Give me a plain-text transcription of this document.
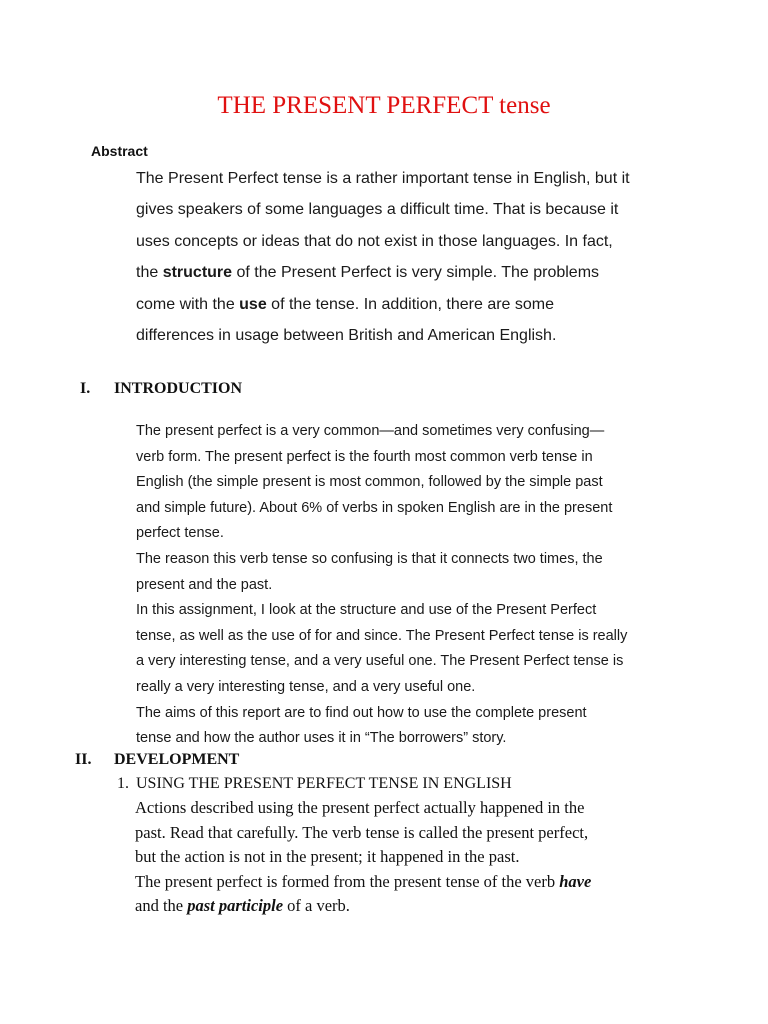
THE PRESENT PERFECT tense
Abstract
The Present Perfect tense is a rather important tense in English, but it
gives speakers of some languages a difficult time. That is because it
uses concepts or ideas that do not exist in those languages. In fact,
the structure of the Present Perfect is very simple. The problems
come with the use of the tense. In addition, there are some
differences in usage between British and American English.
I. INTRODUCTION
The present perfect is a very common—and sometimes very confusing—
verb form. The present perfect is the fourth most common verb tense in
English (the simple present is most common, followed by the simple past
and simple future). About 6% of verbs in spoken English are in the present
perfect tense.
The reason this verb tense so confusing is that it connects two times, the
present and the past.
In this assignment, I look at the structure and use of the Present Perfect
tense, as well as the use of for and since. The Present Perfect tense is really
a very interesting tense, and a very useful one. The Present Perfect tense is
really a very interesting tense, and a very useful one.
The aims of this report are to find out how to use the complete present
tense and how the author uses it in “The borrowers” story.
II. DEVELOPMENT
1. USING THE PRESENT PERFECT TENSE IN ENGLISH
Actions described using the present perfect actually happened in the
past. Read that carefully. The verb tense is called the present perfect,
but the action is not in the present; it happened in the past.
The present perfect is formed from the present tense of the verb have
and the past participle of a verb.
